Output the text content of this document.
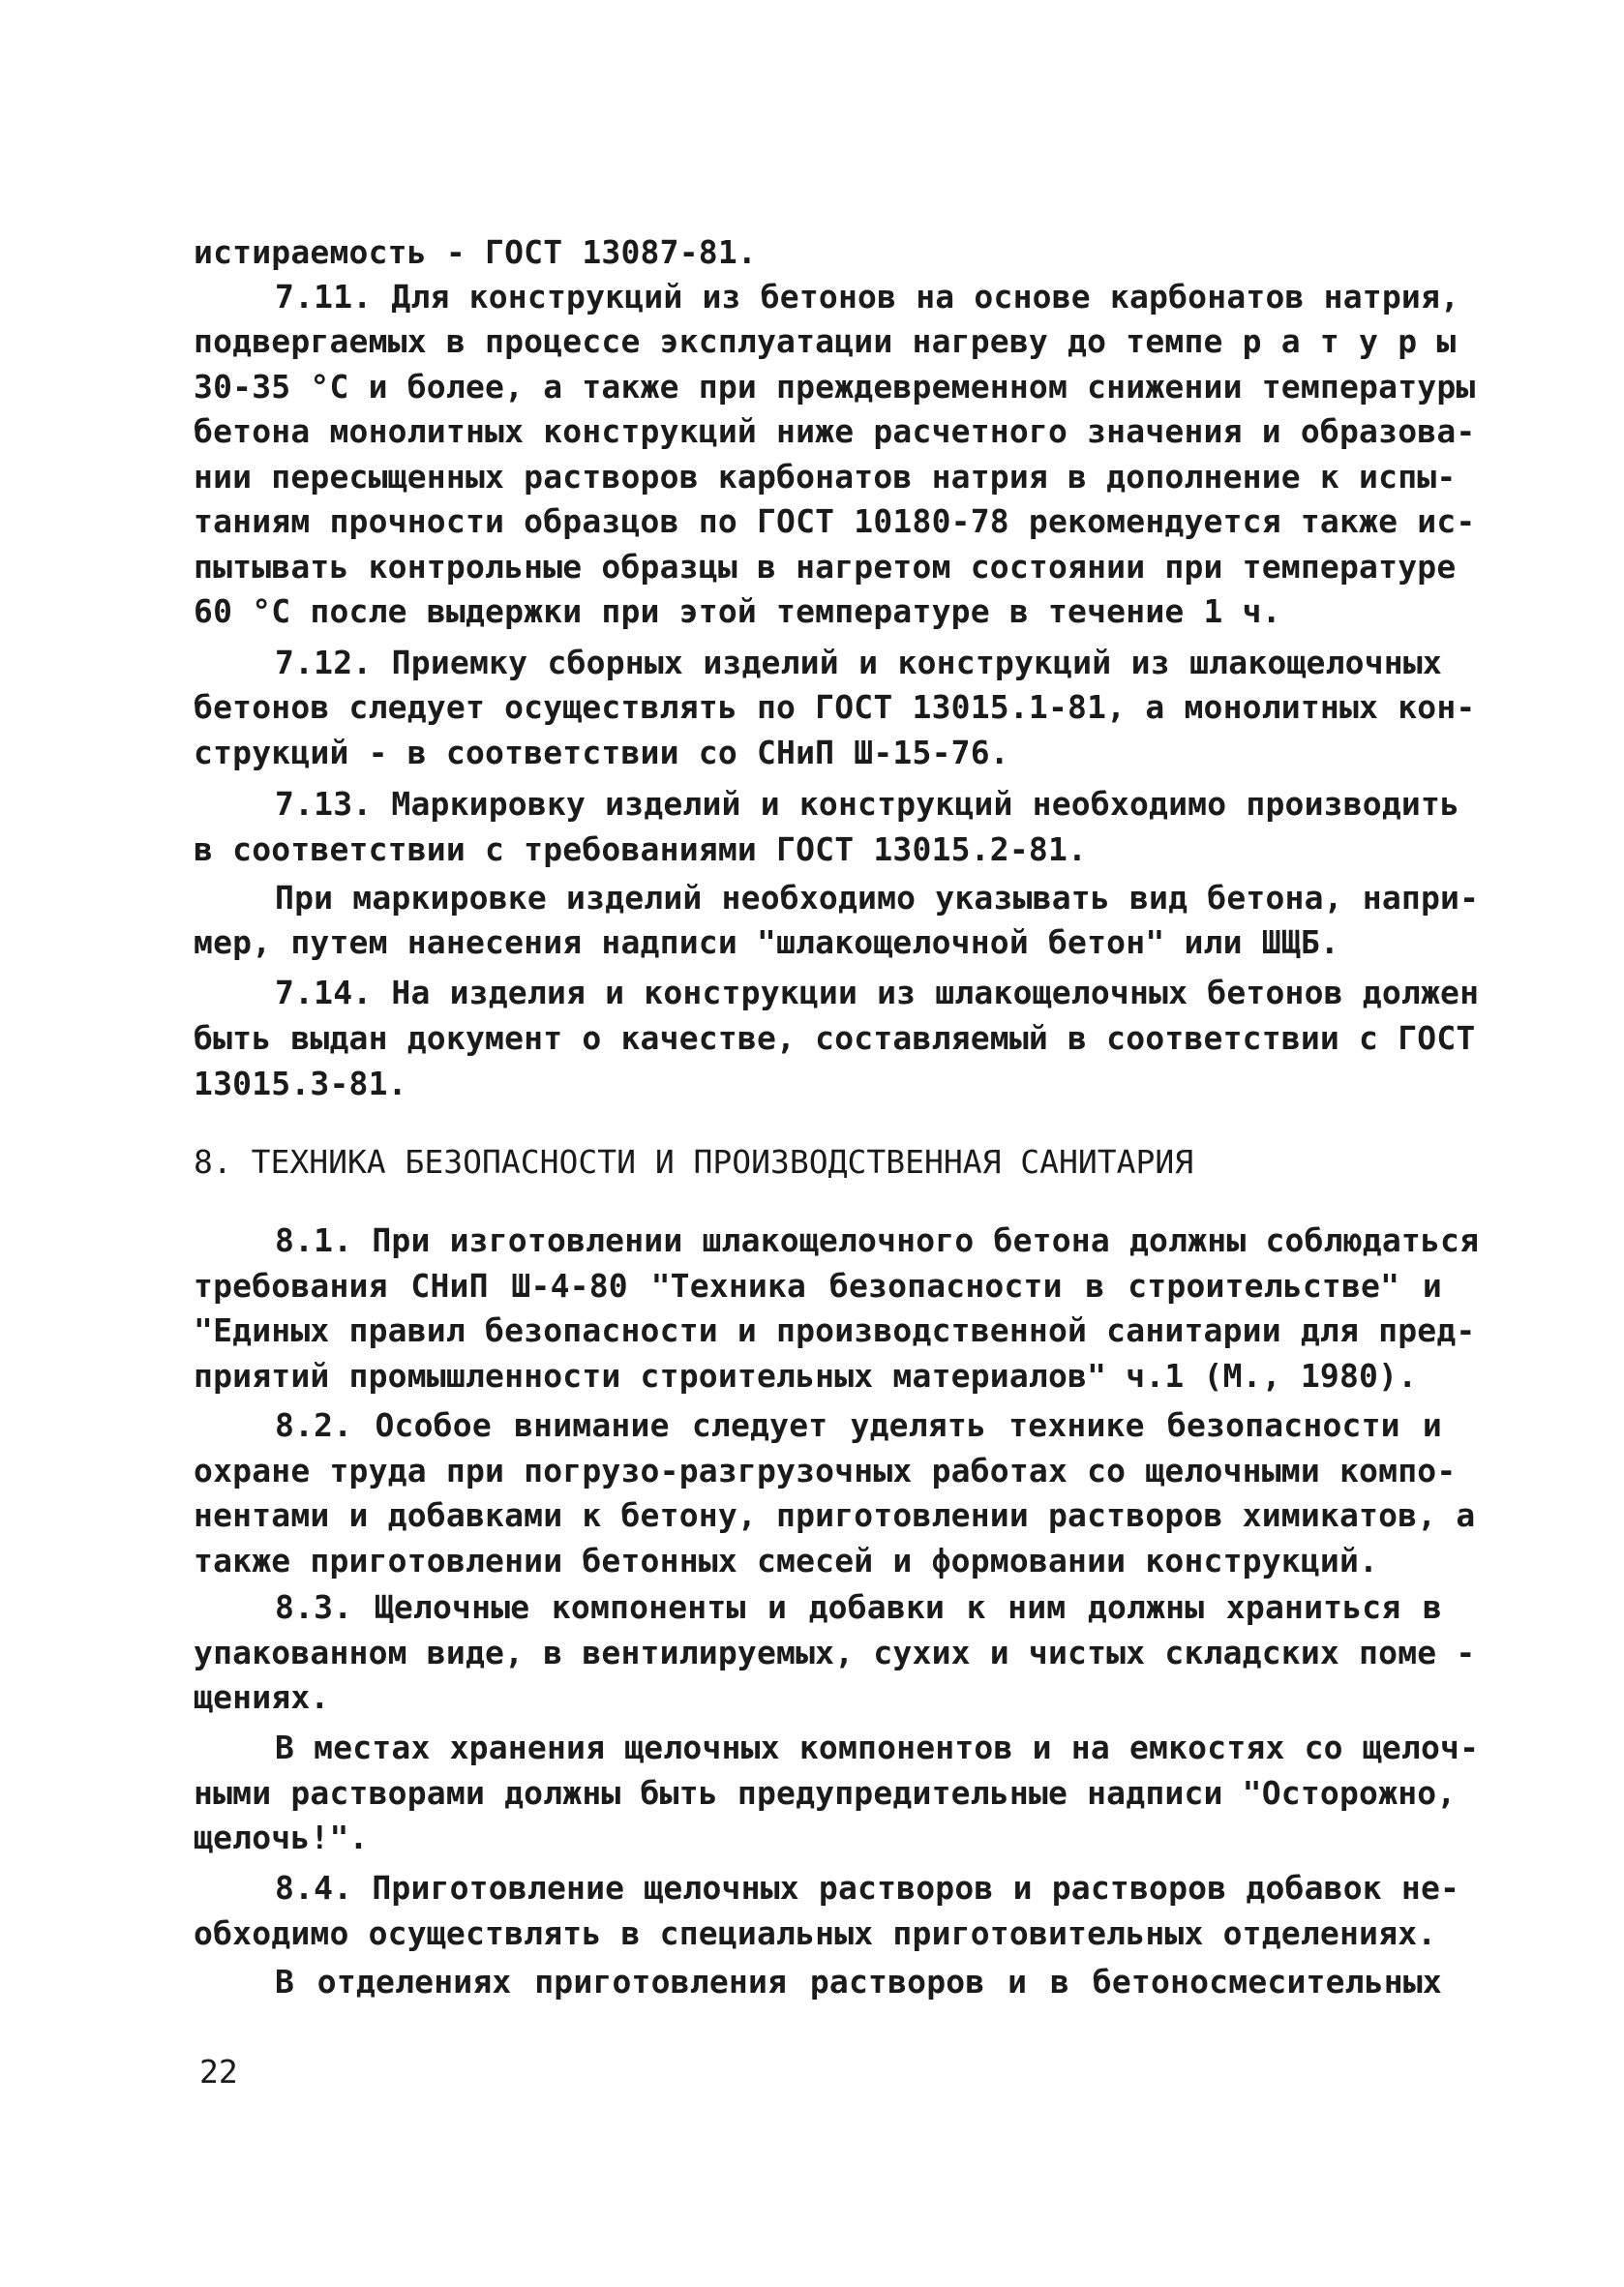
истираемость - ГОСТ 13087-81.
7.11. Для конструкций из бетонов на основе карбонатов натрия,
подвергаемых в процессе эксплуатации нагреву до темпе р а т у р ы
30-35 °С и более, а также при преждевременном снижении температуры
бетона монолитных конструкций ниже расчетного значения и образова-
нии пересыщенных растворов карбонатов натрия в дополнение к испы-
таниям прочности образцов по ГОСТ 10180-78 рекомендуется также ис-
пытывать контрольные образцы в нагретом состоянии при температуре
60 °С после выдержки при этой температуре в течение 1 ч.
7.12. Приемку сборных изделий и конструкций из шлакощелочных
бетонов следует осуществлять по ГОСТ 13015.1-81, а монолитных кон-
струкций - в соответствии со СНиП Ш-15-76.
7.13. Маркировку изделий и конструкций необходимо производить
в соответствии с требованиями ГОСТ 13015.2-81.
При маркировке изделий необходимо указывать вид бетона, напри-
мер, путем нанесения надписи "шлакощелочной бетон" или ШЩБ.
7.14. На изделия и конструкции из шлакощелочных бетонов должен
быть выдан документ о качестве, составляемый в соответствии с ГОСТ
13015.3-81.
8. ТЕХНИКА БЕЗОПАСНОСТИ И ПРОИЗВОДСТВЕННАЯ САНИТАРИЯ
8.1. При изготовлении шлакощелочного бетона должны соблюдаться
требования СНиП Ш-4-80 "Техника безопасности в строительстве" и
"Единых правил безопасности и производственной санитарии для пред-
приятий промышленности строительных материалов" ч.1 (М., 1980).
8.2. Особое внимание следует уделять технике безопасности и
охране труда при погрузо-разгрузочных работах со щелочными компо-
нентами и добавками к бетону, приготовлении растворов химикатов, а
также приготовлении бетонных смесей и формовании конструкций.
8.3. Щелочные компоненты и добавки к ним должны храниться в
упакованном виде, в вентилируемых, сухих и чистых складских поме -
щениях.
В местах хранения щелочных компонентов и на емкостях со щелоч-
ными растворами должны быть предупредительные надписи "Осторожно,
щелочь!".
8.4. Приготовление щелочных растворов и растворов добавок не-
обходимо осуществлять в специальных приготовительных отделениях.
В отделениях приготовления растворов и в бетоносмесительных
22
